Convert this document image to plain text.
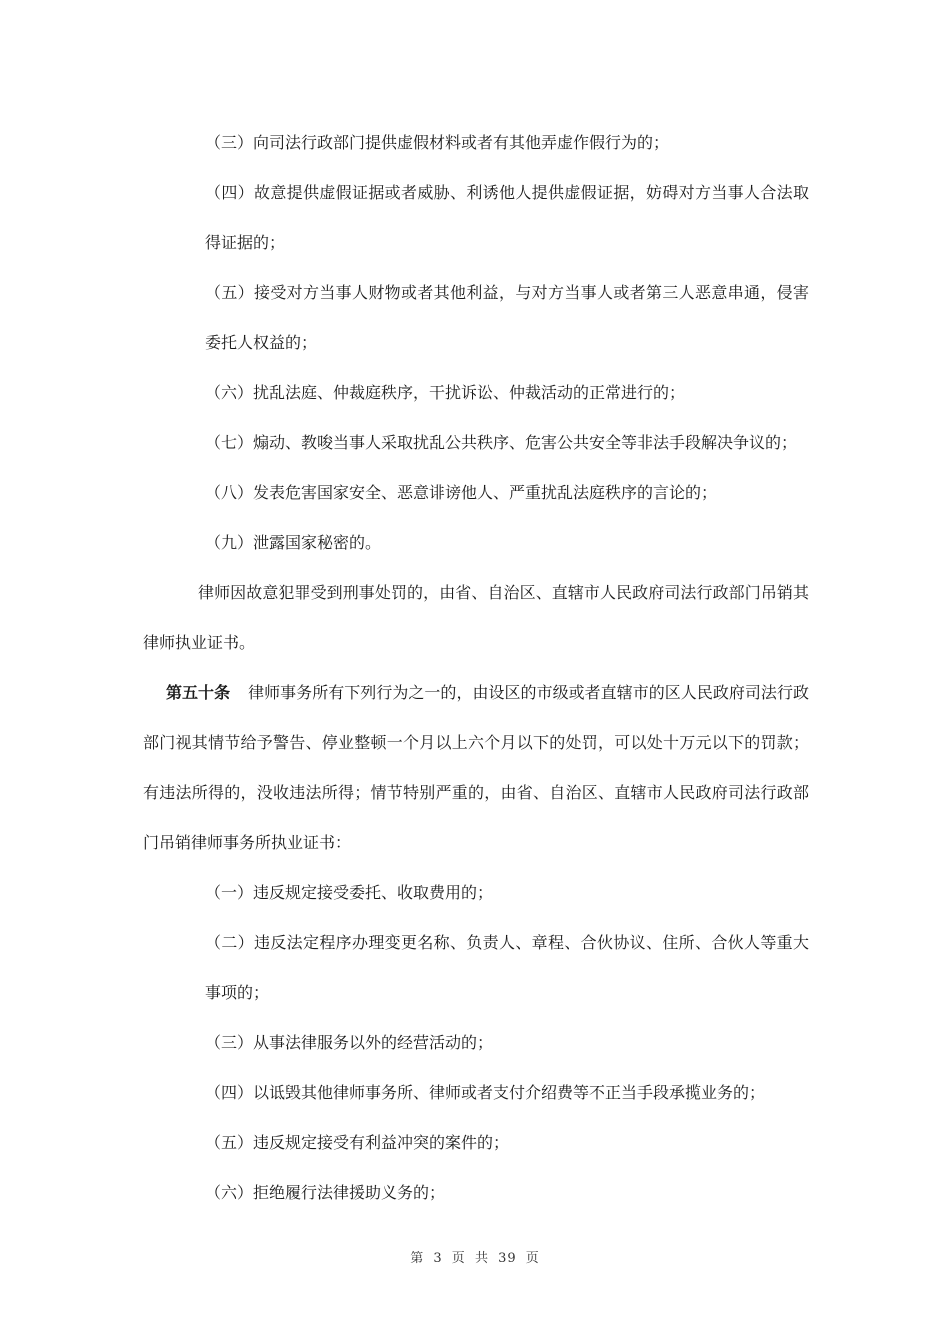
（三）向司法行政部门提供虚假材料或者有其他弄虚作假行为的；

（四）故意提供虚假证据或者威胁、利诱他人提供虚假证据，妨碍对方当事人合法取得证据的；

（五）接受对方当事人财物或者其他利益，与对方当事人或者第三人恶意串通，侵害委托人权益的；

（六）扰乱法庭、仲裁庭秩序，干扰诉讼、仲裁活动的正常进行的；

（七）煽动、教唆当事人采取扰乱公共秩序、危害公共安全等非法手段解决争议的；

（八）发表危害国家安全、恶意诽谤他人、严重扰乱法庭秩序的言论的；

（九）泄露国家秘密的。

律师因故意犯罪受到刑事处罚的，由省、自治区、直辖市人民政府司法行政部门吊销其律师执业证书。

第五十条 律师事务所有下列行为之一的，由设区的市级或者直辖市的区人民政府司法行政部门视其情节给予警告、停业整顿一个月以上六个月以下的处罚，可以处十万元以下的罚款；有违法所得的，没收违法所得；情节特别严重的，由省、自治区、直辖市人民政府司法行政部门吊销律师事务所执业证书：

（一）违反规定接受委托、收取费用的；

（二）违反法定程序办理变更名称、负责人、章程、合伙协议、住所、合伙人等重大事项的；

（三）从事法律服务以外的经营活动的；

（四）以诋毁其他律师事务所、律师或者支付介绍费等不正当手段承揽业务的；

（五）违反规定接受有利益冲突的案件的；

（六）拒绝履行法律援助义务的；

第 3 页 共 39 页
